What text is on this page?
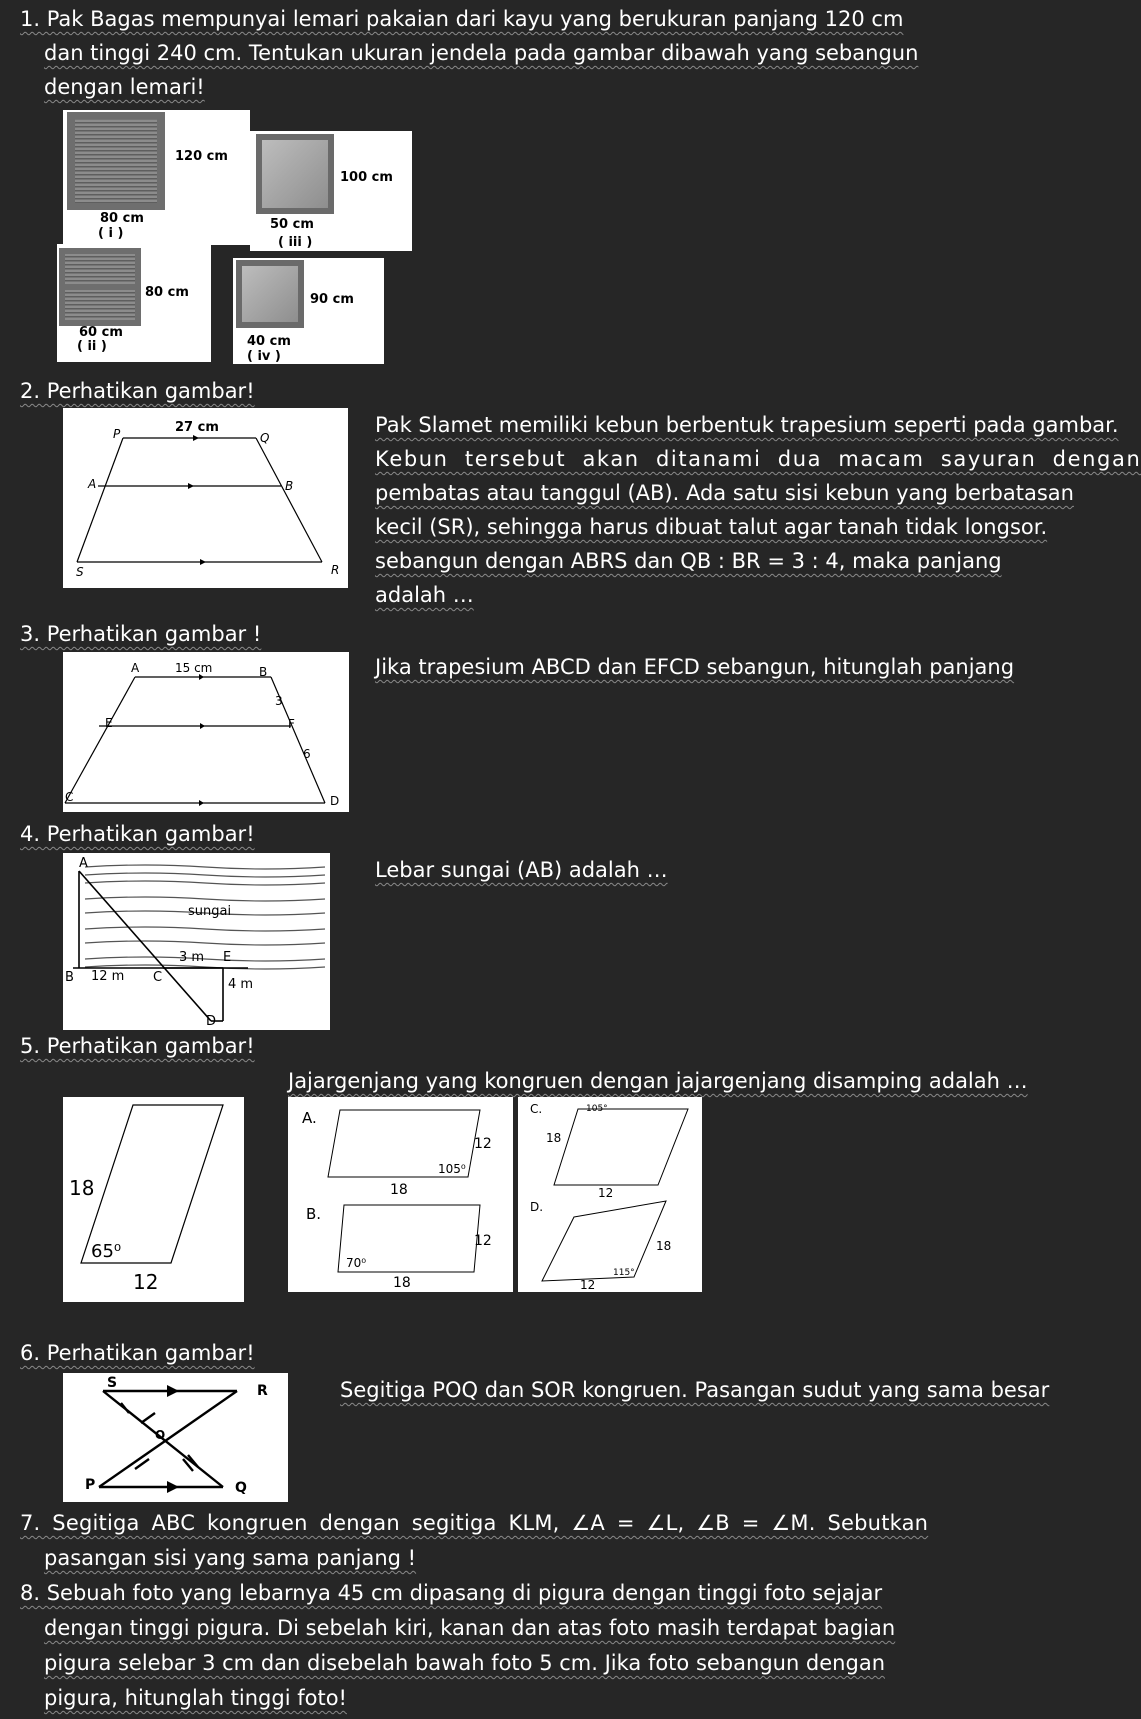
1. Pak Bagas mempunyai lemari pakaian dari kayu yang berukuran panjang 120 cm
dan tinggi 240 cm. Tentukan ukuran jendela pada gambar dibawah yang sebangun
dengan lemari!
120 cm
80 cm
( i )
100 cm
50 cm
( iii )
80 cm
60 cm
( ii )
90 cm
40 cm
( iv )
2. Perhatikan gambar!
27 cm
P	Q
A	B
S	R
Pak Slamet memiliki kebun berbentuk trapesium seperti pada gambar.
Kebun tersebut akan ditanami dua macam sayuran dengan
pembatas atau tanggul (AB). Ada satu sisi kebun yang berbatasan
kecil (SR), sehingga harus dibuat talut agar tanah tidak longsor.
sebangun dengan ABRS dan QB : BR = 3 : 4, maka panjang
adalah …
3. Perhatikan gambar !
A	15 cm	B
3
E	F
6
C	D
Jika trapesium ABCD dan EFCD sebangun, hitunglah panjang
4. Perhatikan gambar!
A
sungai
3 m E
B 12 m C	4 m
D
Lebar sungai (AB) adalah …
5. Perhatikan gambar!
Jajargenjang yang kongruen dengan jajargenjang disamping adalah …
18
65⁰
12
A.
12
105⁰
18
B.
12
70⁰
18
C.	105°
18
12
D.
18
115°
12
6. Perhatikan gambar!
S	R
O
P	Q
Segitiga POQ dan SOR kongruen. Pasangan sudut yang sama besar
7. Segitiga ABC kongruen dengan segitiga KLM, ∠A = ∠L, ∠B = ∠M. Sebutkan
pasangan sisi yang sama panjang !
8. Sebuah foto yang lebarnya 45 cm dipasang di pigura dengan tinggi foto sejajar
dengan tinggi pigura. Di sebelah kiri, kanan dan atas foto masih terdapat bagian
pigura selebar 3 cm dan disebelah bawah foto 5 cm. Jika foto sebangun dengan
pigura, hitunglah tinggi foto!
